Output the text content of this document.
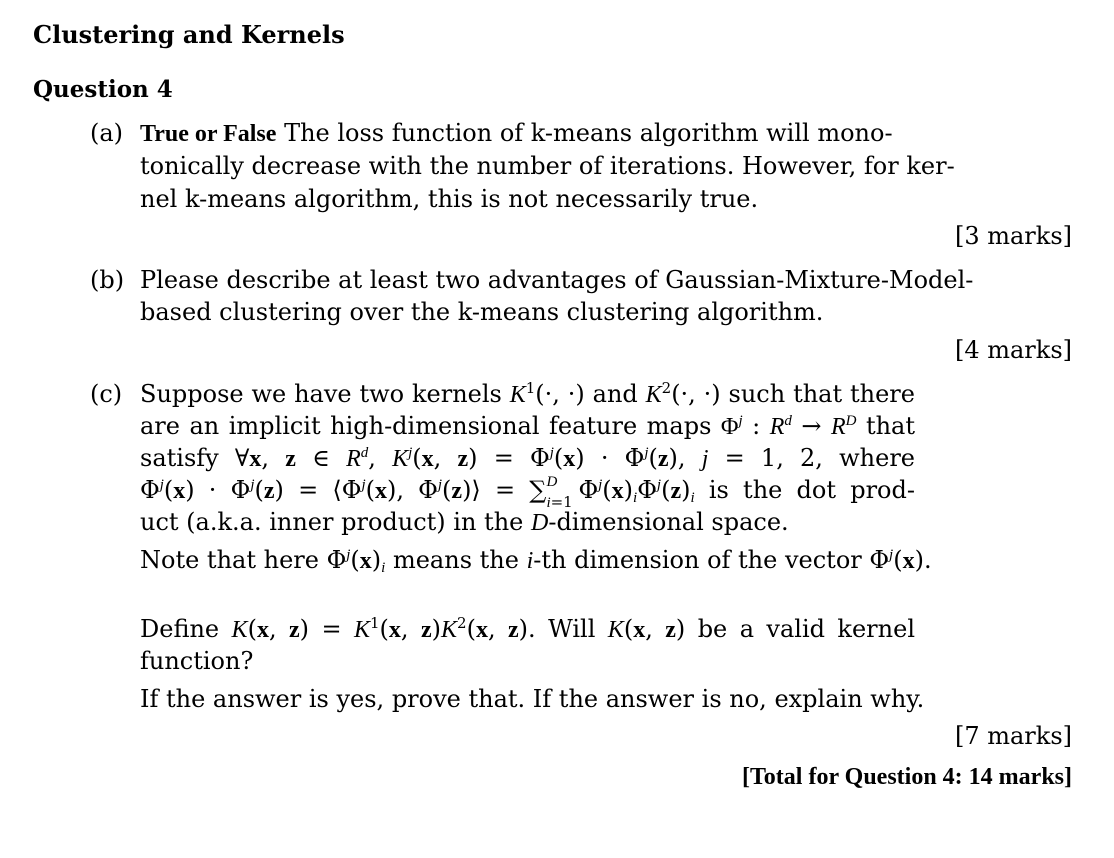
Clustering and Kernels
Question 4
(a) True or False The loss function of k-means algorithm will mono-
tonically decrease with the number of iterations. However, for ker-
nel k-means algorithm, this is not necessarily true.
[3 marks]
(b) Please describe at least two advantages of Gaussian-Mixture-Model-
based clustering over the k-means clustering algorithm.
[4 marks]
(c) Suppose we have two kernels $K^1(\cdot$, ·) and $K^2(\cdot$, ·) such that there
are an implicit high-dimensional feature maps $\Phi^j$ : $R^d \to R^D$ that
satisfy ∀x, z ∈ $R^d$, $K^j(x$, $z) = \Phi^j(x) \cdot \Phi^j(z)$, j = 1, 2, where
$\Phi^j(x) \cdot \Phi^j(z)$ = $⟨\Phi^j(x)$, $\Phi^j(z)⟩$ = ∑ D
i=1 $\Phi^j(x)_i\Phi^j(z)_i$ is the dot prod-
uct (a.k.a. inner product) in the D-dimensional space.
Note that here $\Phi^j(x)_i$ means the i-th dimension of the vector $\Phi^j(x)$.
Define K(x, $z) = K^1(x$, $z)K^2(x$, z). Will K(x, z) be a valid kernel
function?
If the answer is yes, prove that. If the answer is no, explain why.
[7 marks]
[Total for Question 4: 14 marks]
